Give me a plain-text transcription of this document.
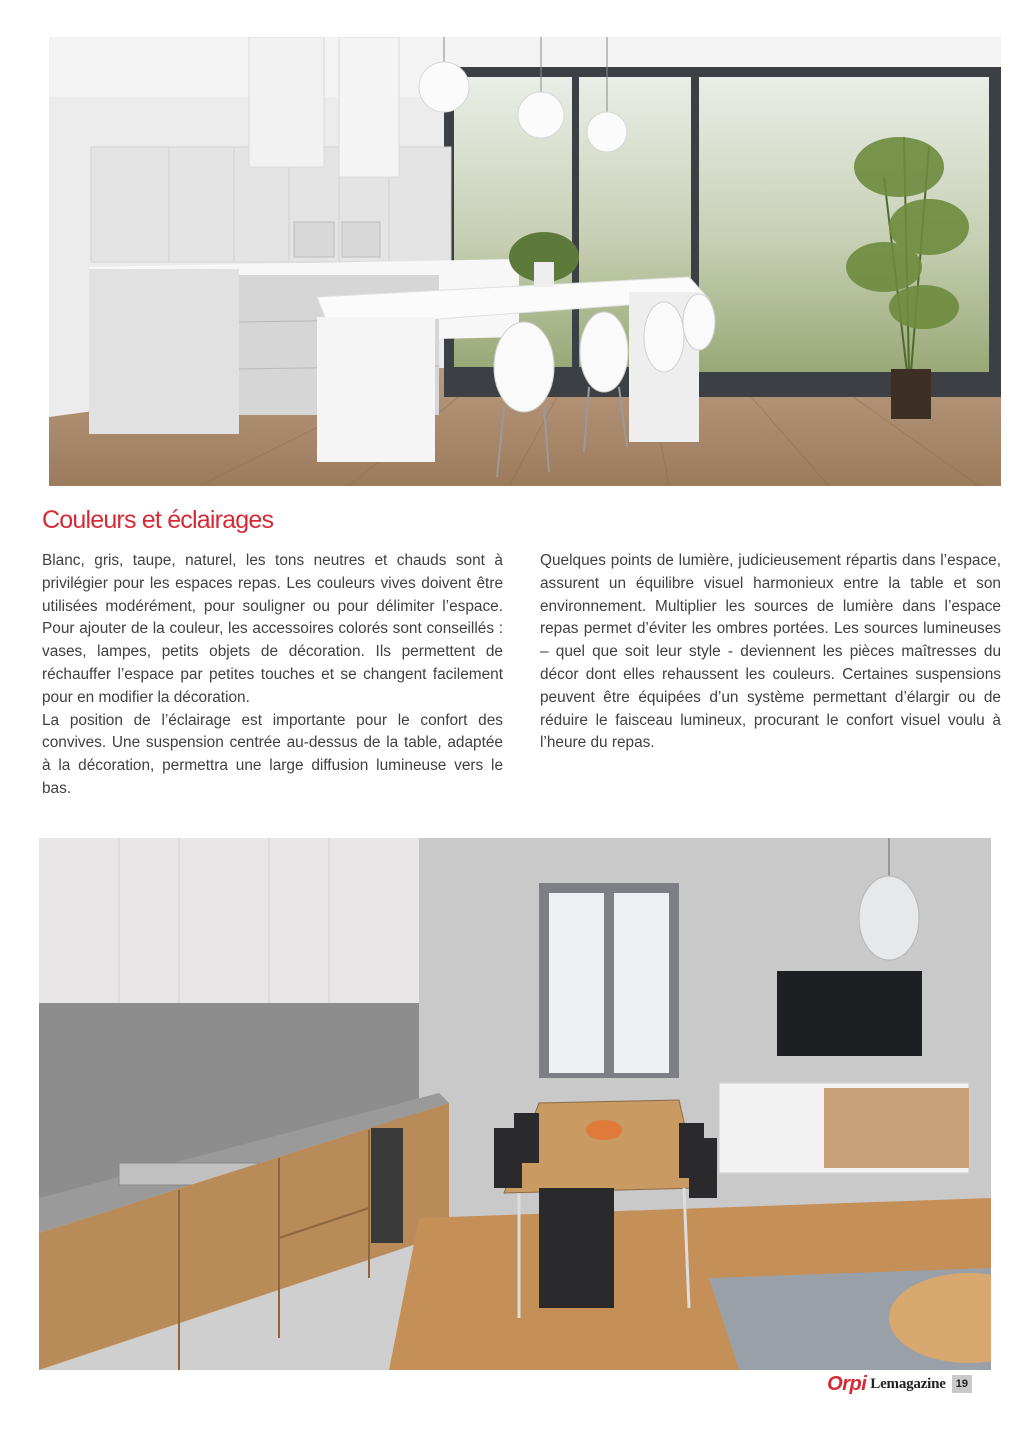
Couleurs et éclairages

Blanc, gris, taupe, naturel, les tons neutres et chauds sont à privilégier pour les espaces repas. Les couleurs vives doivent être utilisées modérément, pour souligner ou pour délimiter l’espace. Pour ajouter de la couleur, les accessoires colorés sont conseillés : vases, lampes, petits objets de décoration. Ils permettent de réchauffer l’espace par petites touches et se changent facilement pour en modifier la décoration.

La position de l’éclairage est importante pour le confort des convives. Une suspension centrée au-dessus de la table, adaptée à la décoration, permettra une large diffusion lumineuse vers le bas.

Quelques points de lumière, judicieusement répartis dans l’espace, assurent un équilibre visuel harmonieux entre la table et son environnement. Multiplier les sources de lumière dans l’espace repas permet d’éviter les ombres portées. Les sources lumineuses – quel que soit leur style - deviennent les pièces maîtresses du décor dont elles rehaussent les couleurs. Certaines suspensions peuvent être équipées d’un système permettant d’élargir ou de réduire le faisceau lumineux, procurant le confort visuel voulu à l’heure du repas.

Orpi Lemagazine 19
